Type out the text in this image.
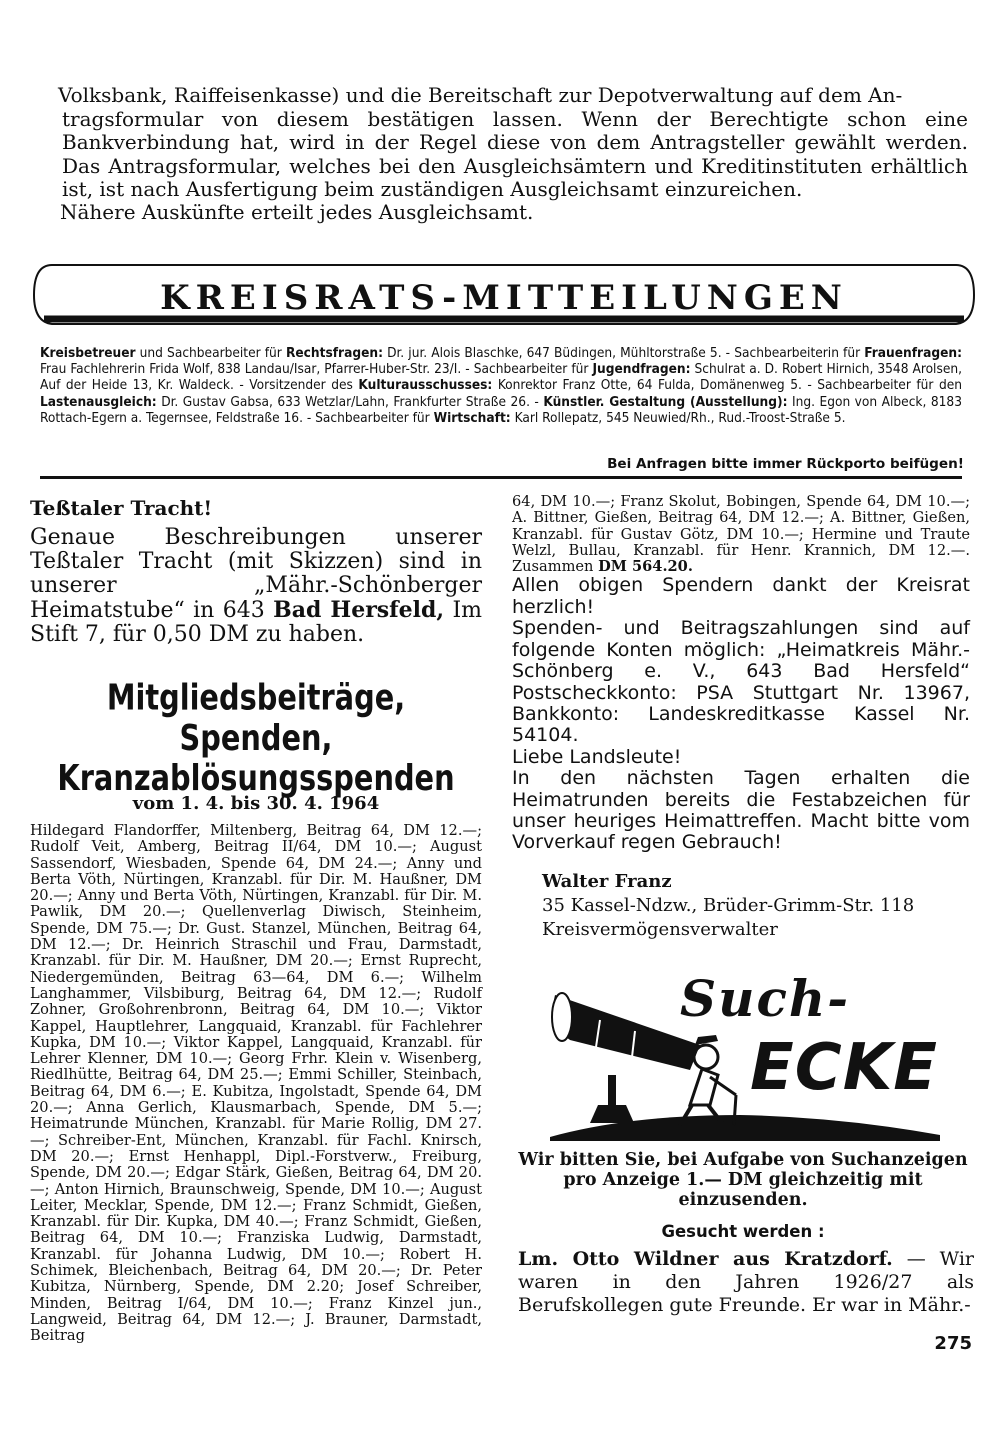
Volksbank, Raiffeisenkasse) und die Bereitschaft zur Depotverwaltung auf dem An-
tragsformular von diesem bestätigen lassen. Wenn der Berechtigte schon eine Bankverbindung hat, wird in der Regel diese von dem Antragsteller gewählt werden. Das Antragsformular, welches bei den Ausgleichsämtern und Kreditinstituten erhältlich ist, ist nach Ausfertigung beim zuständigen Ausgleichsamt einzureichen.

Nähere Auskünfte erteilt jedes Ausgleichsamt.

KREISRATS-MITTEILUNGEN

Kreisbetreuer und Sachbearbeiter für Rechtsfragen: Dr. jur. Alois Blaschke, 647 Büdingen, Mühltorstraße 5. - Sachbearbeiterin für Frauenfragen: Frau Fachlehrerin Frida Wolf, 838 Landau/Isar, Pfarrer-Huber-Str. 23/I. - Sachbearbeiter für Jugendfragen: Schulrat a. D. Robert Hirnich, 3548 Arolsen, Auf der Heide 13, Kr. Waldeck. - Vorsitzender des Kulturausschusses: Konrektor Franz Otte, 64 Fulda, Domänenweg 5. - Sachbearbeiter für den Lastenausgleich: Dr. Gustav Gabsa, 633 Wetzlar/Lahn, Frankfurter Straße 26. - Künstler. Gestaltung (Ausstellung): Ing. Egon von Albeck, 8183 Rottach-Egern a. Tegernsee, Feldstraße 16. - Sachbearbeiter für Wirtschaft: Karl Rollepatz, 545 Neuwied/Rh., Rud.-Troost-Straße 5.

Bei Anfragen bitte immer Rückporto beifügen!

Teßtaler Tracht!

Genaue Beschreibungen unserer Teßtaler Tracht (mit Skizzen) sind in unserer „Mähr.-Schönberger Heimatstube“ in 643 Bad Hersfeld, Im Stift 7, für 0,50 DM zu haben.

Mitgliedsbeiträge, Spenden,
Kranzablösungsspenden
vom 1. 4. bis 30. 4. 1964

Hildegard Flandorffer, Miltenberg, Beitrag 64, DM 12.—; Rudolf Veit, Amberg, Beitrag II/64, DM 10.—; August Sassendorf, Wiesbaden, Spende 64, DM 24.—; Anny und Berta Vöth, Nürtingen, Kranzabl. für Dir. M. Haußner, DM 20.—; Anny und Berta Vöth, Nürtingen, Kranzabl. für Dir. M. Pawlik, DM 20.—; Quellenverlag Diwisch, Steinheim, Spende, DM 75.—; Dr. Gust. Stanzel, München, Beitrag 64, DM 12.—; Dr. Heinrich Straschil und Frau, Darmstadt, Kranzabl. für Dir. M. Haußner, DM 20.—; Ernst Ruprecht, Niedergemünden, Beitrag 63—64, DM 6.—; Wilhelm Langhammer, Vilsbiburg, Beitrag 64, DM 12.—; Rudolf Zohner, Großohrenbronn, Beitrag 64, DM 10.—; Viktor Kappel, Hauptlehrer, Langquaid, Kranzabl. für Fachlehrer Kupka, DM 10.—; Viktor Kappel, Langquaid, Kranzabl. für Lehrer Klenner, DM 10.—; Georg Frhr. Klein v. Wisenberg, Riedlhütte, Beitrag 64, DM 25.—; Emmi Schiller, Steinbach, Beitrag 64, DM 6.—; E. Kubitza, Ingolstadt, Spende 64, DM 20.—; Anna Gerlich, Klausmarbach, Spende, DM 5.—; Heimatrunde München, Kranzabl. für Marie Rollig, DM 27.—; Schreiber-Ent, München, Kranzabl. für Fachl. Knirsch, DM 20.—; Ernst Henhappl, Dipl.-Forstverw., Freiburg, Spende, DM 20.—; Edgar Stärk, Gießen, Beitrag 64, DM 20.—; Anton Hirnich, Braunschweig, Spende, DM 10.—; August Leiter, Mecklar, Spende, DM 12.—; Franz Schmidt, Gießen, Kranzabl. für Dir. Kupka, DM 40.—; Franz Schmidt, Gießen, Beitrag 64, DM 10.—; Franziska Ludwig, Darmstadt, Kranzabl. für Johanna Ludwig, DM 10.—; Robert H. Schimek, Bleichenbach, Beitrag 64, DM 20.—; Dr. Peter Kubitza, Nürnberg, Spende, DM 2.20; Josef Schreiber, Minden, Beitrag I/64, DM 10.—; Franz Kinzel jun., Langweid, Beitrag 64, DM 12.—; J. Brauner, Darmstadt, Beitrag

64, DM 10.—; Franz Skolut, Bobingen, Spende 64, DM 10.—; A. Bittner, Gießen, Beitrag 64, DM 12.—; A. Bittner, Gießen, Kranzabl. für Gustav Götz, DM 10.—; Hermine und Traute Welzl, Bullau, Kranzabl. für Henr. Krannich, DM 12.—. Zusammen DM 564.20.

Allen obigen Spendern dankt der Kreisrat herzlich!

Spenden- und Beitragszahlungen sind auf folgende Konten möglich: „Heimatkreis Mähr.-Schönberg e. V., 643 Bad Hersfeld“ Postscheckkonto: PSA Stuttgart Nr. 13967, Bankkonto: Landeskreditkasse Kassel Nr. 54104.

Liebe Landsleute!

In den nächsten Tagen erhalten die Heimatrunden bereits die Festabzeichen für unser heuriges Heimattreffen. Macht bitte vom Vorverkauf regen Gebrauch!

Walter Franz
35 Kassel-Ndzw., Brüder-Grimm-Str. 118
Kreisvermögensverwalter
Such-
ECKE

Wir bitten Sie, bei Aufgabe von Suchanzeigen pro Anzeige 1.— DM gleichzeitig mit einzusenden.

Gesucht werden :

Lm. Otto Wildner aus Kratzdorf. — Wir waren in den Jahren 1926/27 als Berufskollegen gute Freunde. Er war in Mähr.-

275
